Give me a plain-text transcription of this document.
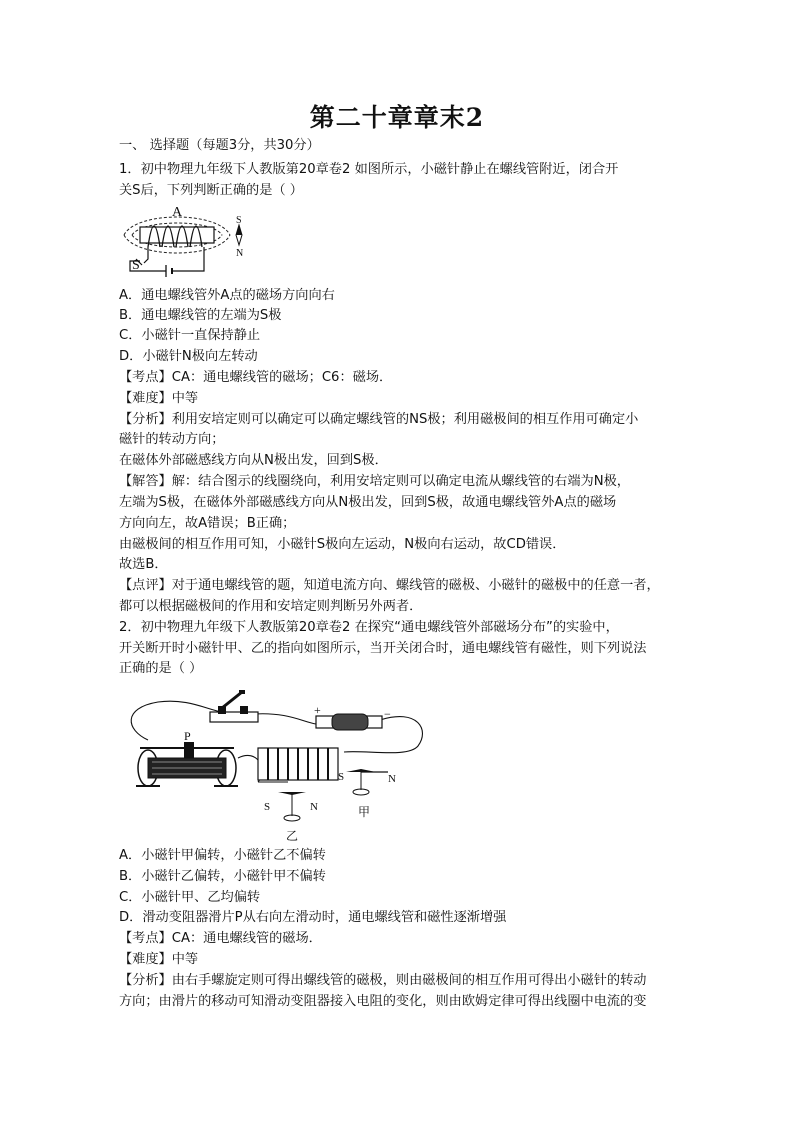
第二十章章末2
一、 选择题（每题3分，共30分）
1．初中物理九年级下人教版第20章卷2 如图所示，小磁针静止在螺线管附近，闭合开
关S后，下列判断正确的是（ ）
A
S
S
N
A．通电螺线管外A点的磁场方向向右
B．通电螺线管的左端为S极
C．小磁针一直保持静止
D．小磁针N极向左转动
【考点】CA：通电螺线管的磁场；C6：磁场．
【难度】中等
【分析】利用安培定则可以确定可以确定螺线管的NS极；利用磁极间的相互作用可确定小
磁针的转动方向；
在磁体外部磁感线方向从N极出发，回到S极．
【解答】解：结合图示的线圈绕向，利用安培定则可以确定电流从螺线管的右端为N极，
左端为S极，在磁体外部磁感线方向从N极出发，回到S极，故通电螺线管外A点的磁场
方向向左，故A错误；B正确；
由磁极间的相互作用可知，小磁针S极向左运动，N极向右运动，故CD错误．
故选B．
【点评】对于通电螺线管的题，知道电流方向、螺线管的磁极、小磁针的磁极中的任意一者，
都可以根据磁极间的作用和安培定则判断另外两者．
2．初中物理九年级下人教版第20章卷2 在探究“通电螺线管外部磁场分布”的实验中，
开关断开时小磁针甲、乙的指向如图所示，当开关闭合时，通电螺线管有磁性，则下列说法
正确的是（ ）
+	−
P
S	N
甲
S	N
乙
A．小磁针甲偏转，小磁针乙不偏转
B．小磁针乙偏转，小磁针甲不偏转
C．小磁针甲、乙均偏转
D．滑动变阻器滑片P从右向左滑动时，通电螺线管和磁性逐渐增强
【考点】CA：通电螺线管的磁场．
【难度】中等
【分析】由右手螺旋定则可得出螺线管的磁极，则由磁极间的相互作用可得出小磁针的转动
方向；由滑片的移动可知滑动变阻器接入电阻的变化，则由欧姆定律可得出线圈中电流的变
